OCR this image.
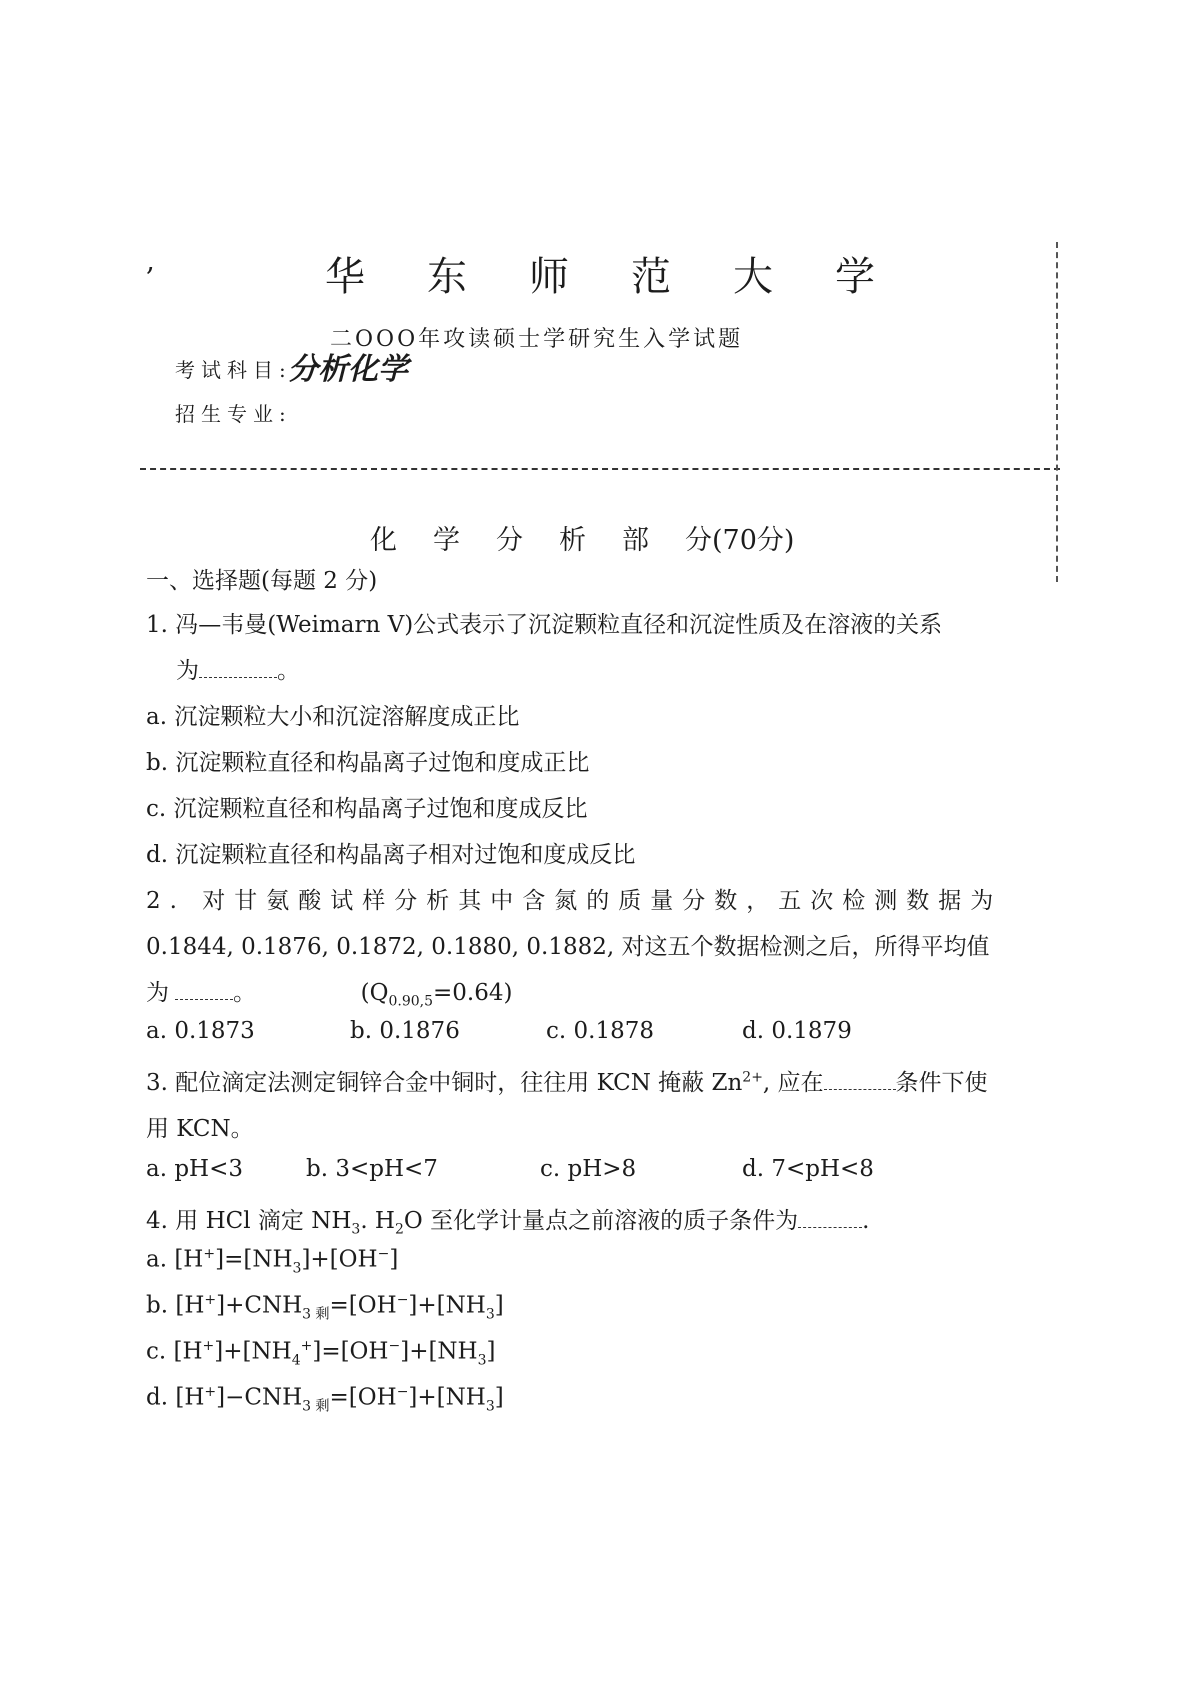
,	华 东 师 范 大 学
二OOO年攻读硕士学研究生入学试题
考试科目:
分析化学
招生专业:
化 学 分 析 部 分(70分)
一、选择题(每题 2 分)
1. 冯—韦曼(Weimarn V)公式表示了沉淀颗粒直径和沉淀性质及在溶液的关系
为	。
a. 沉淀颗粒大小和沉淀溶解度成正比
b. 沉淀颗粒直径和构晶离子过饱和度成正比
c. 沉淀颗粒直径和构晶离子过饱和度成反比
d. 沉淀颗粒直径和构晶离子相对过饱和度成反比
2. 对甘氨酸试样分析其中含氮的质量分数，五次检测数据为
0.1844, 0.1876, 0.1872, 0.1880, 0.1882, 对这五个数据检测之后，所得平均值
为	。	$(Q_{0.90,5}=0.64)$
a. 0.1873	b. 0.1876	c. 0.1878	d. 0.1879
3. 配位滴定法测定铜锌合金中铜时，往往用 KCN 掩蔽 $Zn^{2+}$, 应在	条件下使
用 KCN。
a. pH<3	b. 3<pH<7	c. pH>8	d. 7<pH<8
4. 用 HCl 滴定 $NH_3$. $H_2O$ 至化学计量点之前溶液的质子条件为	.
a. $[H^+]=[NH_3]+[OH^-]$
b. $[H^+]+CNH_{3 剩}=[OH^-]+[NH_3]$
c. $[H^+]+[NH_4^+]=[OH^-]+[NH_3]$
d. $[H^+]-CNH_{3 剩}=[OH^-]+[NH_3]$
